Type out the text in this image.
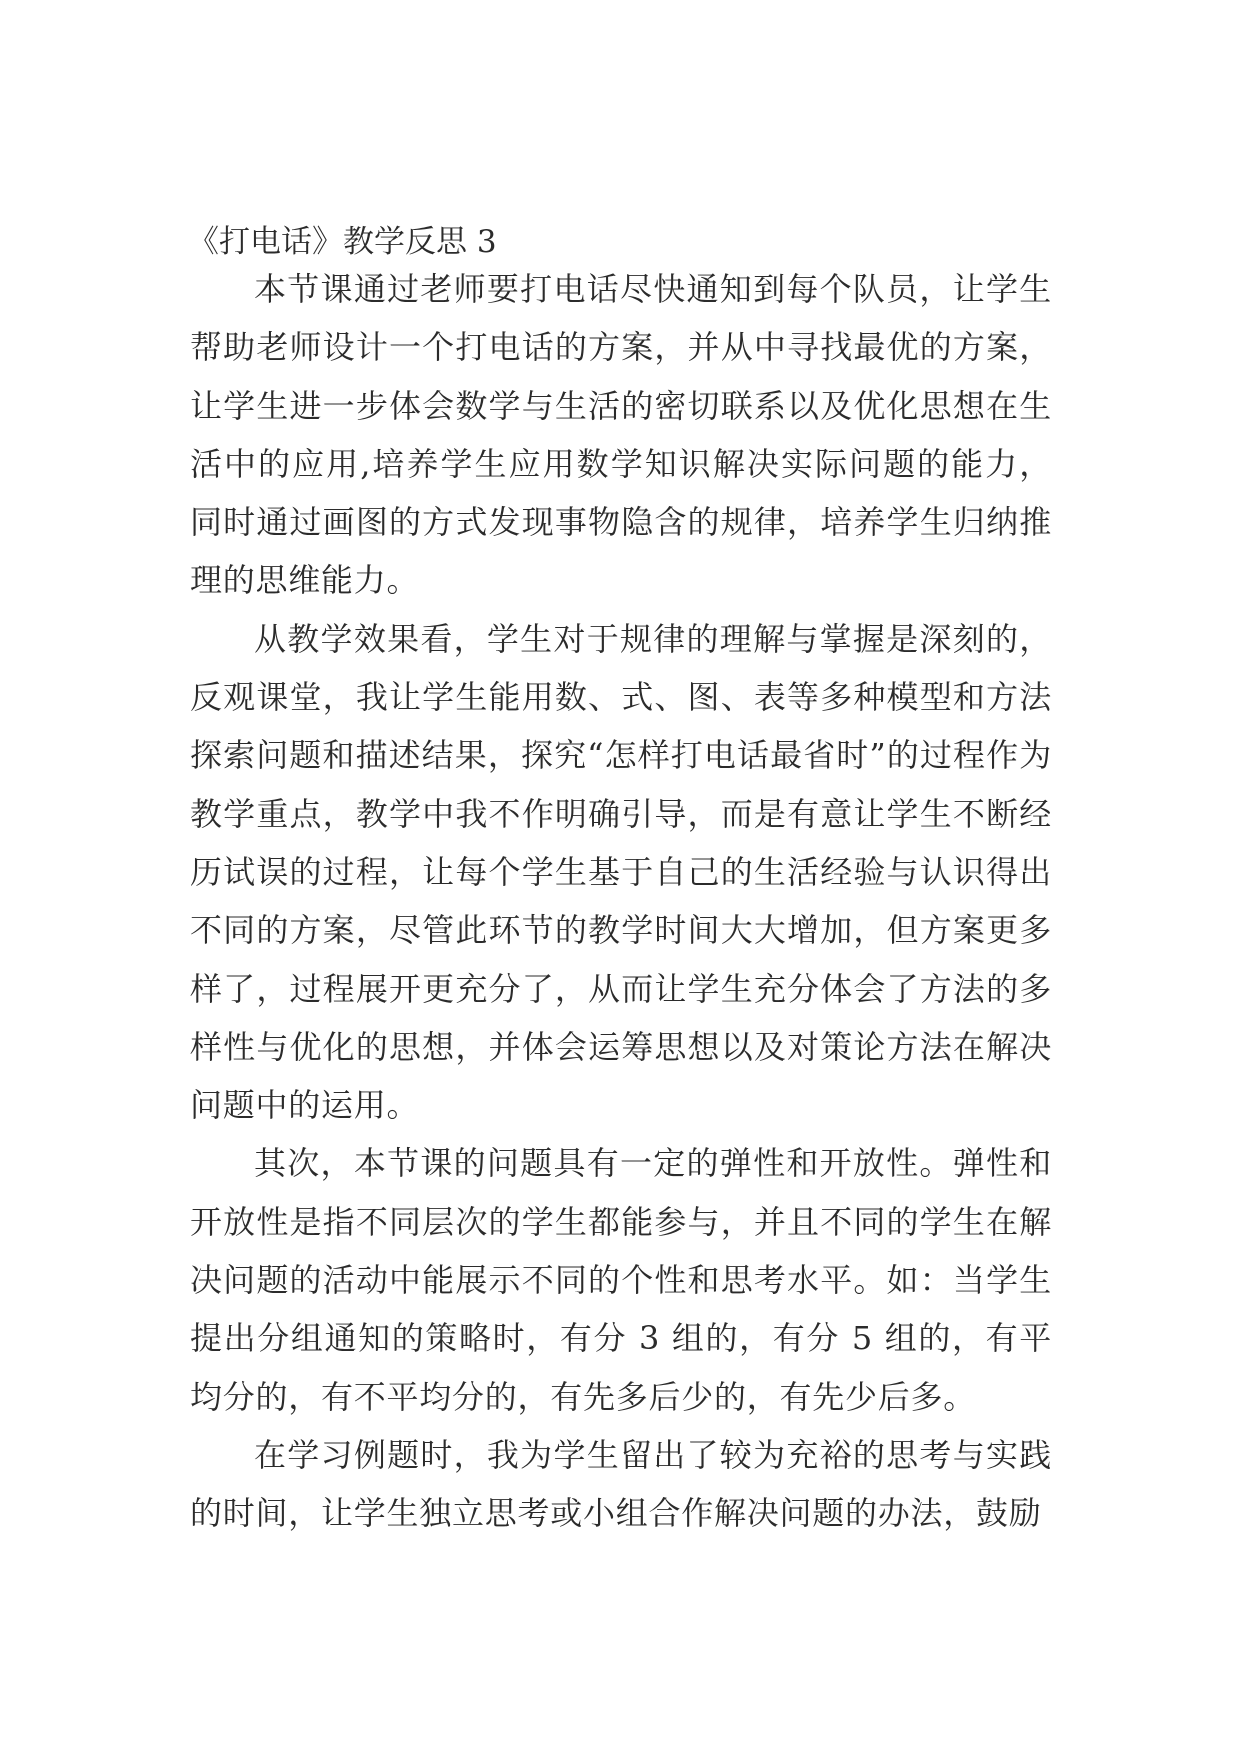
《打电话》教学反思 3

本节课通过老师要打电话尽快通知到每个队员，让学生帮助老师设计一个打电话的方案，并从中寻找最优的方案，让学生进一步体会数学与生活的密切联系以及优化思想在生活中的应用,培养学生应用数学知识解决实际问题的能力，同时通过画图的方式发现事物隐含的规律，培养学生归纳推理的思维能力。

从教学效果看，学生对于规律的理解与掌握是深刻的，反观课堂，我让学生能用数、式、图、表等多种模型和方法探索问题和描述结果，探究“怎样打电话最省时”的过程作为教学重点，教学中我不作明确引导，而是有意让学生不断经历试误的过程，让每个学生基于自己的生活经验与认识得出不同的方案，尽管此环节的教学时间大大增加，但方案更多样了，过程展开更充分了，从而让学生充分体会了方法的多样性与优化的思想，并体会运筹思想以及对策论方法在解决问题中的运用。

其次，本节课的问题具有一定的弹性和开放性。弹性和开放性是指不同层次的学生都能参与，并且不同的学生在解决问题的活动中能展示不同的个性和思考水平。如：当学生提出分组通知的策略时，有分 3 组的，有分 5 组的，有平均分的，有不平均分的，有先多后少的，有先少后多。

在学习例题时，我为学生留出了较为充裕的思考与实践的时间，让学生独立思考或小组合作解决问题的办法，鼓励
